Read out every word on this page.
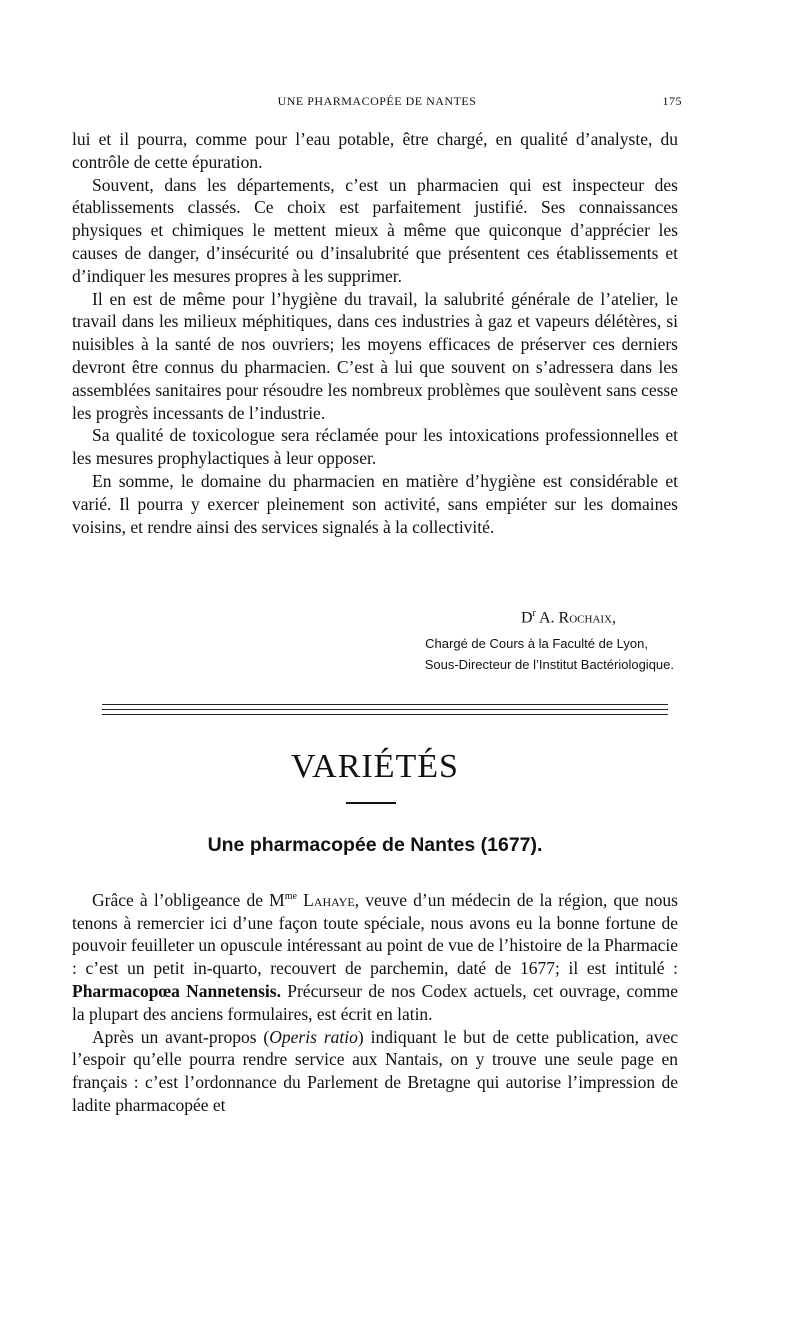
UNE PHARMACOPÉE DE NANTES	175

lui et il pourra, comme pour l’eau potable, être chargé, en qualité d’analyste, du contrôle de cette épuration.

Souvent, dans les départements, c’est un pharmacien qui est inspecteur des établissements classés. Ce choix est parfaitement justifié. Ses connaissances physiques et chimiques le mettent mieux à même que quiconque d’apprécier les causes de danger, d’insécurité ou d’insalubrité que présentent ces établissements et d’indiquer les mesures propres à les supprimer.

Il en est de même pour l’hygiène du travail, la salubrité générale de l’atelier, le travail dans les milieux méphitiques, dans ces industries à gaz et vapeurs délétères, si nuisibles à la santé de nos ouvriers; les moyens efficaces de préserver ces derniers devront être connus du pharmacien. C’est à lui que souvent on s’adressera dans les assemblées sanitaires pour résoudre les nombreux problèmes que soulèvent sans cesse les progrès incessants de l’industrie.

Sa qualité de toxicologue sera réclamée pour les intoxications professionnelles et les mesures prophylactiques à leur opposer.

En somme, le domaine du pharmacien en matière d’hygiène est considérable et varié. Il pourra y exercer pleinement son activité, sans empiéter sur les domaines voisins, et rendre ainsi des services signalés à la collectivité.

$D^r$ A. Rochaix,
Chargé de Cours à la Faculté de Lyon,
Sous-Directeur de l’Institut Bactériologique.
VARIÉTÉS
Une pharmacopée de Nantes (1677).

Grâce à l’obligeance de $M^{me}$ Lahaye, veuve d’un médecin de la région, que nous tenons à remercier ici d’une façon toute spéciale, nous avons eu la bonne fortune de pouvoir feuilleter un opuscule intéressant au point de vue de l’histoire de la Pharmacie : c’est un petit in-quarto, recouvert de parchemin, daté de 1677; il est intitulé : Pharmacopœa Nannetensis. Précurseur de nos Codex actuels, cet ouvrage, comme la plupart des anciens formulaires, est écrit en latin.

Après un avant-propos (Operis ratio) indiquant le but de cette publication, avec l’espoir qu’elle pourra rendre service aux Nantais, on y trouve une seule page en français : c’est l’ordonnance du Parlement de Bretagne qui autorise l’impression de ladite pharmacopée et
